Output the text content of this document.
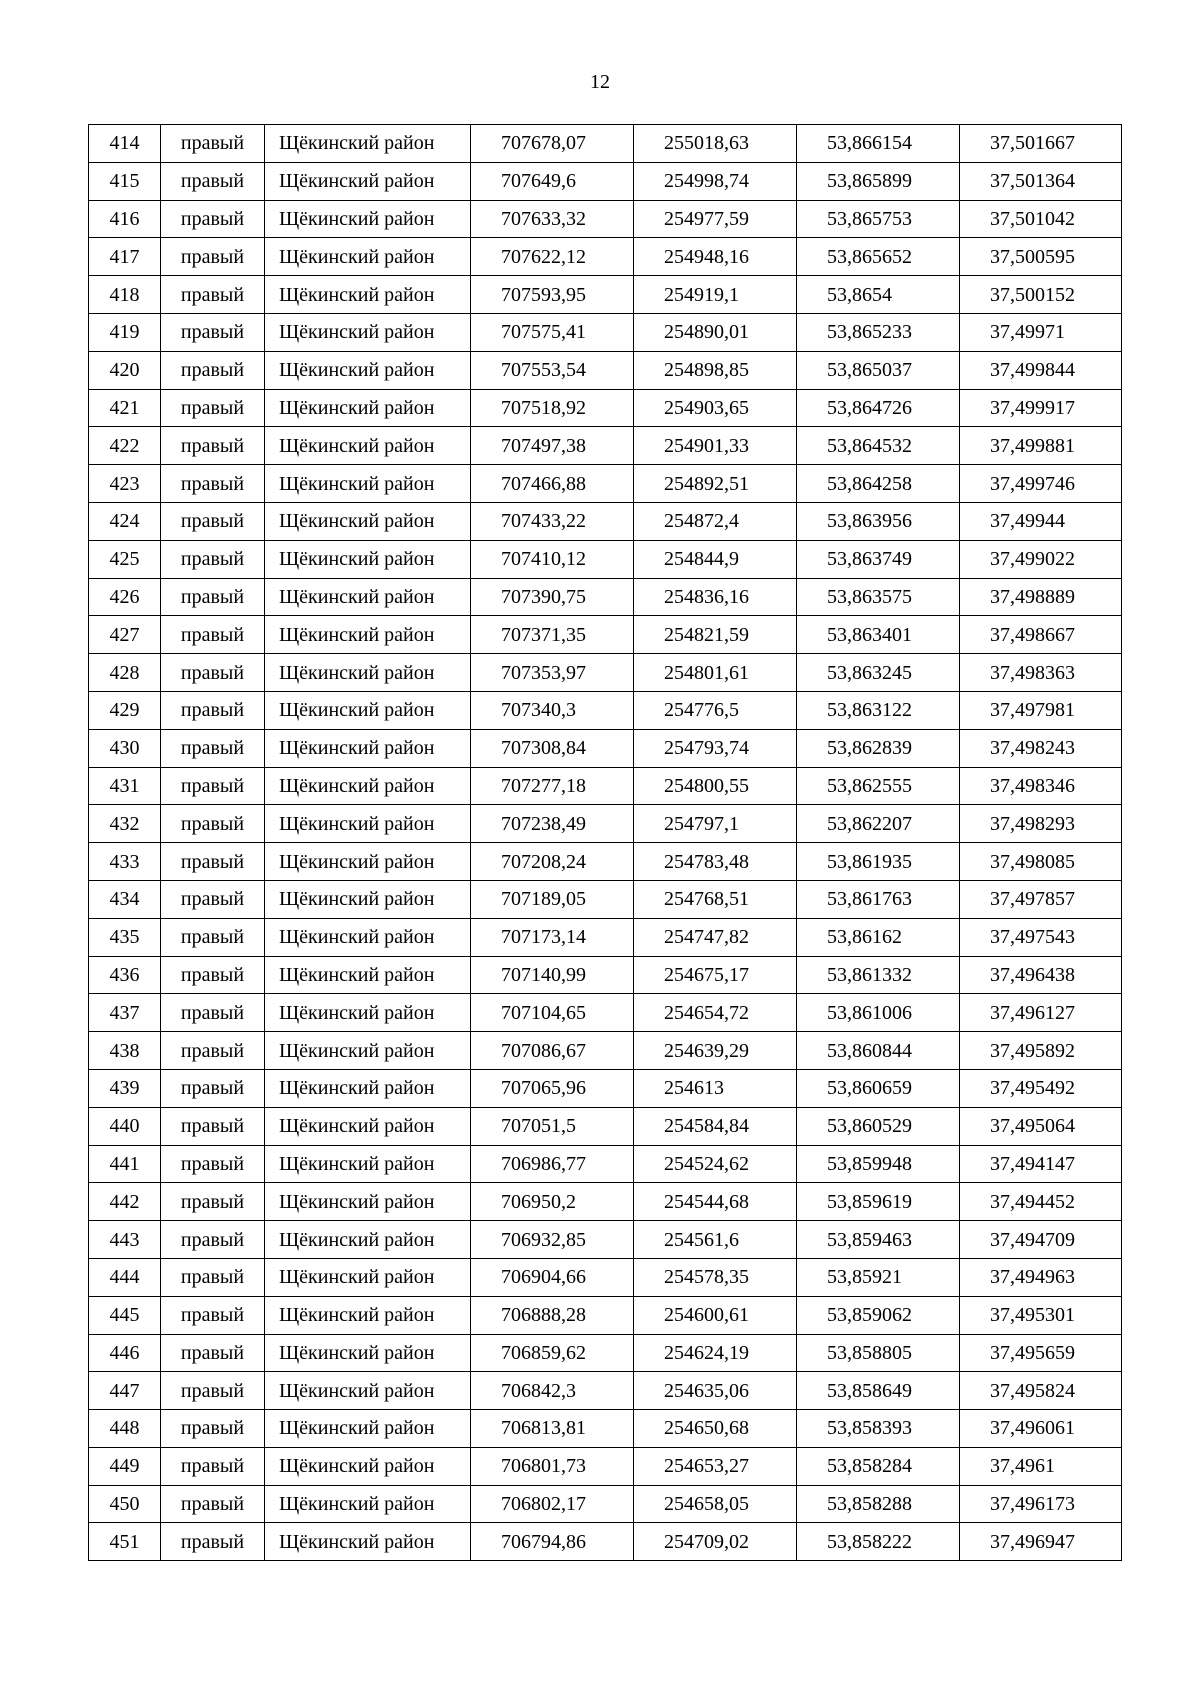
12
414	правый	Щёкинский район	707678,07	255018,63	53,866154	37,501667
415	правый	Щёкинский район	707649,6	254998,74	53,865899	37,501364
416	правый	Щёкинский район	707633,32	254977,59	53,865753	37,501042
417	правый	Щёкинский район	707622,12	254948,16	53,865652	37,500595
418	правый	Щёкинский район	707593,95	254919,1	53,8654	37,500152
419	правый	Щёкинский район	707575,41	254890,01	53,865233	37,49971
420	правый	Щёкинский район	707553,54	254898,85	53,865037	37,499844
421	правый	Щёкинский район	707518,92	254903,65	53,864726	37,499917
422	правый	Щёкинский район	707497,38	254901,33	53,864532	37,499881
423	правый	Щёкинский район	707466,88	254892,51	53,864258	37,499746
424	правый	Щёкинский район	707433,22	254872,4	53,863956	37,49944
425	правый	Щёкинский район	707410,12	254844,9	53,863749	37,499022
426	правый	Щёкинский район	707390,75	254836,16	53,863575	37,498889
427	правый	Щёкинский район	707371,35	254821,59	53,863401	37,498667
428	правый	Щёкинский район	707353,97	254801,61	53,863245	37,498363
429	правый	Щёкинский район	707340,3	254776,5	53,863122	37,497981
430	правый	Щёкинский район	707308,84	254793,74	53,862839	37,498243
431	правый	Щёкинский район	707277,18	254800,55	53,862555	37,498346
432	правый	Щёкинский район	707238,49	254797,1	53,862207	37,498293
433	правый	Щёкинский район	707208,24	254783,48	53,861935	37,498085
434	правый	Щёкинский район	707189,05	254768,51	53,861763	37,497857
435	правый	Щёкинский район	707173,14	254747,82	53,86162	37,497543
436	правый	Щёкинский район	707140,99	254675,17	53,861332	37,496438
437	правый	Щёкинский район	707104,65	254654,72	53,861006	37,496127
438	правый	Щёкинский район	707086,67	254639,29	53,860844	37,495892
439	правый	Щёкинский район	707065,96	254613	53,860659	37,495492
440	правый	Щёкинский район	707051,5	254584,84	53,860529	37,495064
441	правый	Щёкинский район	706986,77	254524,62	53,859948	37,494147
442	правый	Щёкинский район	706950,2	254544,68	53,859619	37,494452
443	правый	Щёкинский район	706932,85	254561,6	53,859463	37,494709
444	правый	Щёкинский район	706904,66	254578,35	53,85921	37,494963
445	правый	Щёкинский район	706888,28	254600,61	53,859062	37,495301
446	правый	Щёкинский район	706859,62	254624,19	53,858805	37,495659
447	правый	Щёкинский район	706842,3	254635,06	53,858649	37,495824
448	правый	Щёкинский район	706813,81	254650,68	53,858393	37,496061
449	правый	Щёкинский район	706801,73	254653,27	53,858284	37,4961
450	правый	Щёкинский район	706802,17	254658,05	53,858288	37,496173
451	правый	Щёкинский район	706794,86	254709,02	53,858222	37,496947
